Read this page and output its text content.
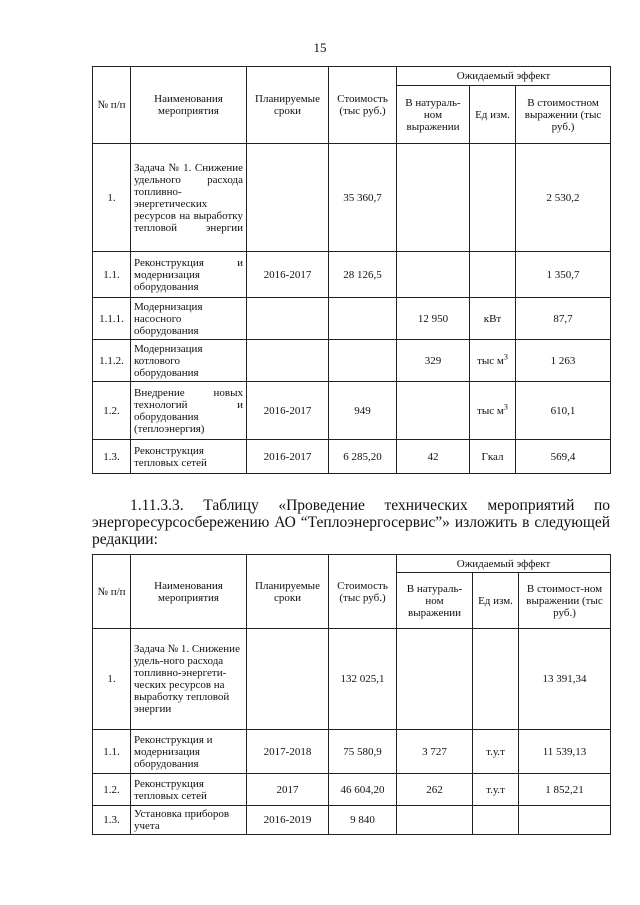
15
№ п/п	Наименования мероприятия	Планируемые сроки	Стоимость (тыс руб.)	Ожидаемый эффект		
				В натураль-ном выражении	Ед изм.	В стоимостном выражении (тыс руб.)
1.	Задача № 1. Снижение удельного расхода топливно-энергетических ресурсов на выработку тепловой энергии		35 360,7			2 530,2
1.1.	Реконструкция и модернизация оборудования	2016-2017	28 126,5			1 350,7
1.1.1.	Модернизация насосного оборудования			12 950	кВт	87,7
1.1.2.	Модернизация котлового оборудования			329	тыс $м^3$	1 263
1.2.	Внедрение новых технологий и оборудования (теплоэнергия)	2016-2017	949		тыс $м^3$	610,1
1.3.	Реконструкция тепловых сетей	2016-2017	6 285,20	42	Гкал	569,4
1.11.3.3. Таблицу «Проведение технических мероприятий по
энергоресурсосбережению АО “Теплоэнергосервис”» изложить в следующей
редакции:
№ п/п	Наименования мероприятия	Планируемые сроки	Стоимость (тыс руб.)	Ожидаемый эффект		
				В натураль-ном выражении	Ед изм.	В стоимост-ном выражении (тыс руб.)
1.	Задача № 1. Снижение удель-ного расхода топливно-энергети-ческих ресурсов на выработку тепловой энергии		132 025,1			13 391,34
1.1.	Реконструкция и модернизация оборудования	2017-2018	75 580,9	3 727	т.у.т	11 539,13
1.2.	Реконструкция тепловых сетей	2017	46 604,20	262	т.у.т	1 852,21
1.3.	Установка приборов учета	2016-2019	9 840			
